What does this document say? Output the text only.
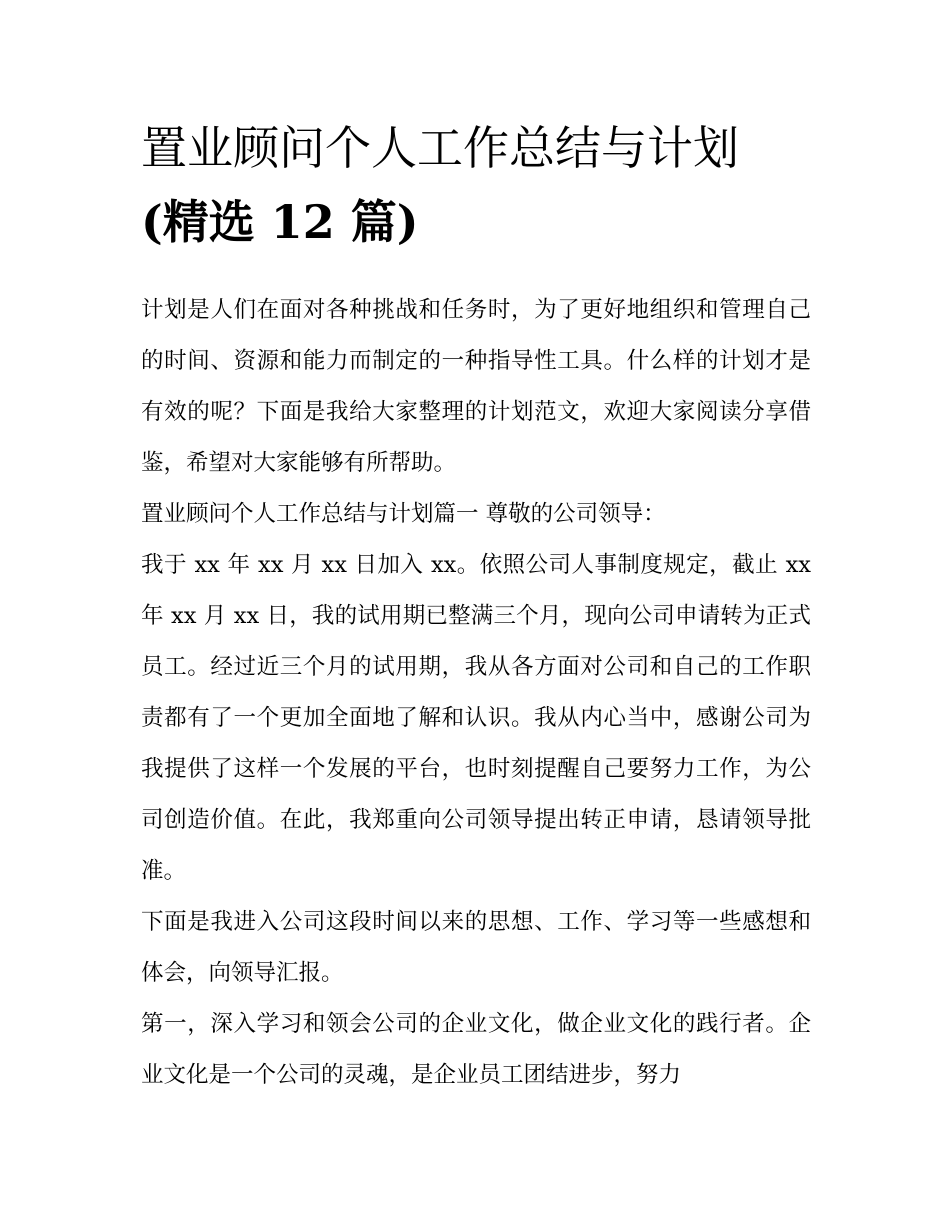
置业顾问个人工作总结与计划
(精选 12 篇)

计划是人们在面对各种挑战和任务时，为了更好地组织和管理自己的时间、资源和能力而制定的一种指导性工具。什么样的计划才是有效的呢？下面是我给大家整理的计划范文，欢迎大家阅读分享借鉴，希望对大家能够有所帮助。

置业顾问个人工作总结与计划篇一 尊敬的公司领导：

我于 xx 年 xx 月 xx 日加入 xx。依照公司人事制度规定，截止 xx 年 xx 月 xx 日，我的试用期已整满三个月，现向公司申请转为正式员工。经过近三个月的试用期，我从各方面对公司和自己的工作职责都有了一个更加全面地了解和认识。我从内心当中，感谢公司为我提供了这样一个发展的平台，也时刻提醒自己要努力工作，为公司创造价值。在此，我郑重向公司领导提出转正申请，恳请领导批准。

下面是我进入公司这段时间以来的思想、工作、学习等一些感想和体会，向领导汇报。

第一，深入学习和领会公司的企业文化，做企业文化的践行者。企业文化是一个公司的灵魂，是企业员工团结进步，努力
